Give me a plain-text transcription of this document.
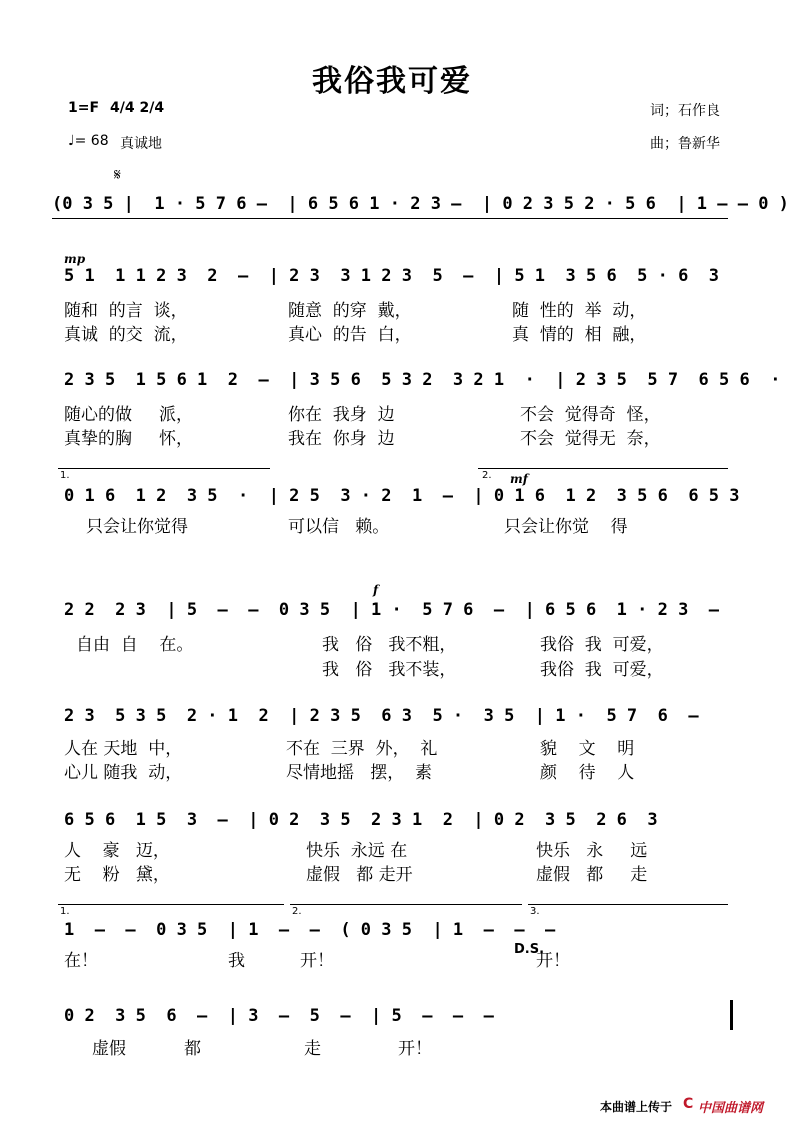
我俗我可爱
1=F 4/4 2/4
♩= 68 真诚地
词；石作良
曲；鲁新华
𝄋
(0 3 5 |  1 · 5 7 6 –  | 6 5 6 1 · 2 3 –  | 0 2 3 5 2 · 5 6  | 1 – – 0 )
mp
5 1  1 1 2 3  2  –  | 2 3  3 1 2 3  5  –  | 5 1  3 5 6  5 · 6  3
随和  的言  谈，	随意  的穿  戴，	随  性的  举  动，
真诚  的交  流，	真心  的告  白，	真  情的  相  融，
2 3 5  1 5 6 1  2  –  | 3 5 6  5 3 2  3 2 1  ·  | 2 3 5  5 7  6 5 6  ·
随心的做     派，	你在  我身  边	不会  觉得奇  怪，
真挚的胸     怀，	我在  你身  边	不会  觉得无  奈，
1.	2. mf
0 1 6  1 2  3 5  ·  | 2 5  3 · 2  1  –  | 0 1 6  1 2  3 5 6  6 5 3
只会让你觉得	可以信   赖。	只会让你觉    得
f
2 2  2 3  | 5  –  –  0 3 5  | 1 ·  5 7 6  –  | 6 5 6  1 · 2 3  –
自由  自    在。	我   俗   我不粗，	我俗  我  可爱，
我   俗   我不装，	我俗  我  可爱，
2 3  5 3 5  2 · 1  2  | 2 3 5  6 3  5 ·  3 5  | 1 ·  5 7  6  –
人在 天地  中，	不在  三界  外，  礼	貌    文    明
心儿 随我  动，	尽情地摇   摆，  素	颜    待    人
6 5 6  1 5  3  –  | 0 2  3 5  2 3 1  2  | 0 2  3 5  2 6  3
人    豪   迈，	快乐  永远 在	快乐   永     远
无    粉   黛，	虚假   都 走开	虚假   都     走
1.	2.	3.
1  –  –  0 3 5  | 1  –  –  ( 0 3 5  | 1  –  –  –
在！	我	开！
D.S.
开！
0 2  3 5  6  –  | 3  –  5  –  | 5  –  –  –
虚假	都	走	开！
本曲谱上传于 C 中国曲谱网
